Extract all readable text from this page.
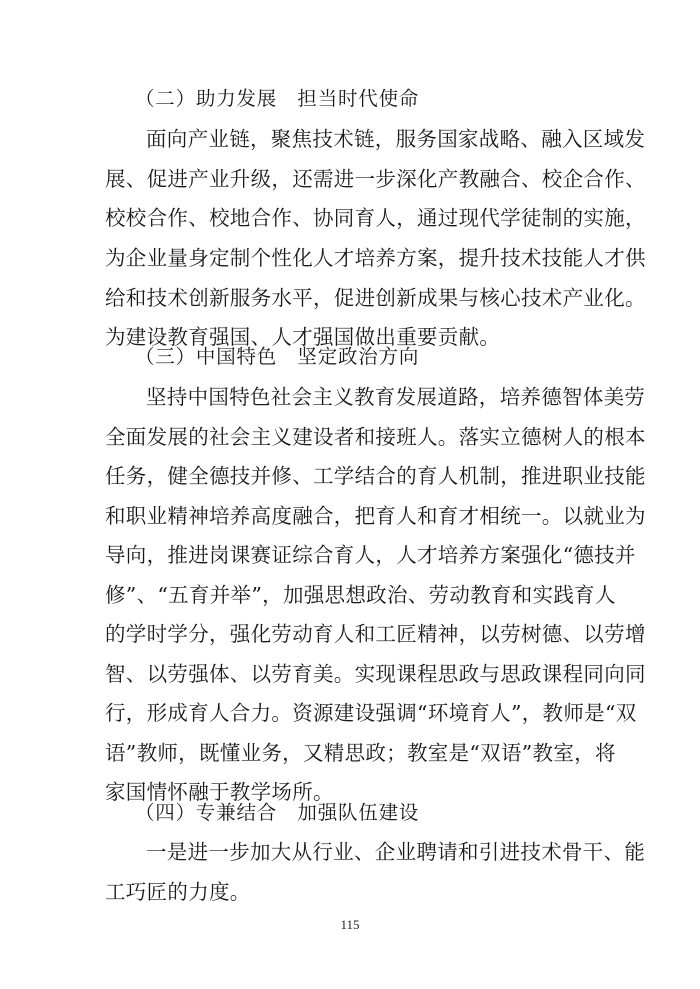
（二）助力发展　担当时代使命
面向产业链，聚焦技术链，服务国家战略、融入区域发
展、促进产业升级，还需进一步深化产教融合、校企合作、
校校合作、校地合作、协同育人，通过现代学徒制的实施，
为企业量身定制个性化人才培养方案，提升技术技能人才供
给和技术创新服务水平，促进创新成果与核心技术产业化。
为建设教育强国、人才强国做出重要贡献。
（三）中国特色　坚定政治方向
坚持中国特色社会主义教育发展道路，培养德智体美劳
全面发展的社会主义建设者和接班人。落实立德树人的根本
任务，健全德技并修、工学结合的育人机制，推进职业技能
和职业精神培养高度融合，把育人和育才相统一。以就业为
导向，推进岗课赛证综合育人，人才培养方案强化“德技并
修”、“五育并举”，加强思想政治、劳动教育和实践育人
的学时学分，强化劳动育人和工匠精神，以劳树德、以劳增
智、以劳强体、以劳育美。实现课程思政与思政课程同向同
行，形成育人合力。资源建设强调“环境育人”，教师是“双
语”教师，既懂业务，又精思政；教室是“双语”教室，将
家国情怀融于教学场所。
（四）专兼结合　加强队伍建设
一是进一步加大从行业、企业聘请和引进技术骨干、能
工巧匠的力度。
115
